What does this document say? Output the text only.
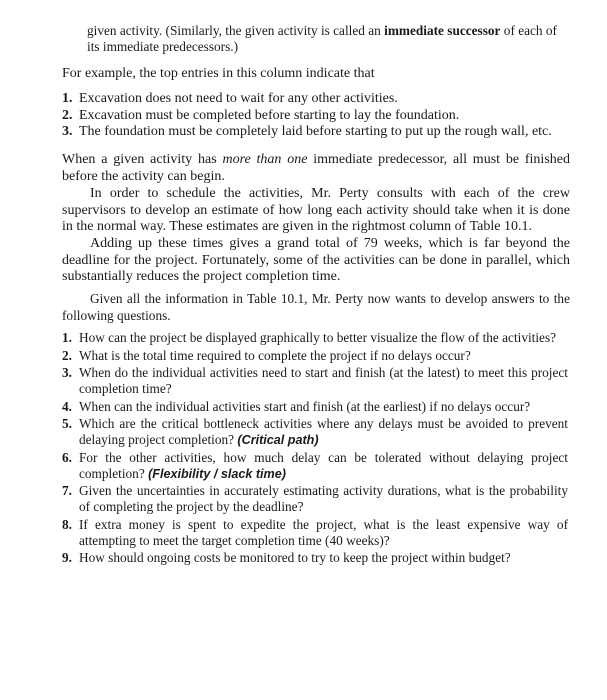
given activity. (Similarly, the given activity is called an immediate successor of each of its immediate predecessors.)

For example, the top entries in this column indicate that

1. Excavation does not need to wait for any other activities.
2. Excavation must be completed before starting to lay the foundation.
3. The foundation must be completely laid before starting to put up the rough wall, etc.

When a given activity has more than one immediate predecessor, all must be finished before the activity can begin.

In order to schedule the activities, Mr. Perty consults with each of the crew supervisors to develop an estimate of how long each activity should take when it is done in the normal way. These estimates are given in the rightmost column of Table 10.1.

Adding up these times gives a grand total of 79 weeks, which is far beyond the deadline for the project. Fortunately, some of the activities can be done in parallel, which substantially reduces the project completion time.

Given all the information in Table 10.1, Mr. Perty now wants to develop answers to the following questions.

1. How can the project be displayed graphically to better visualize the flow of the activities?
2. What is the total time required to complete the project if no delays occur?
3. When do the individual activities need to start and finish (at the latest) to meet this project completion time?
4. When can the individual activities start and finish (at the earliest) if no delays occur?
5. Which are the critical bottleneck activities where any delays must be avoided to prevent delaying project completion? (Critical path)
6. For the other activities, how much delay can be tolerated without delaying project completion? (Flexibility / slack time)
7. Given the uncertainties in accurately estimating activity durations, what is the probability of completing the project by the deadline?
8. If extra money is spent to expedite the project, what is the least expensive way of attempting to meet the target completion time (40 weeks)?
9. How should ongoing costs be monitored to try to keep the project within budget?
